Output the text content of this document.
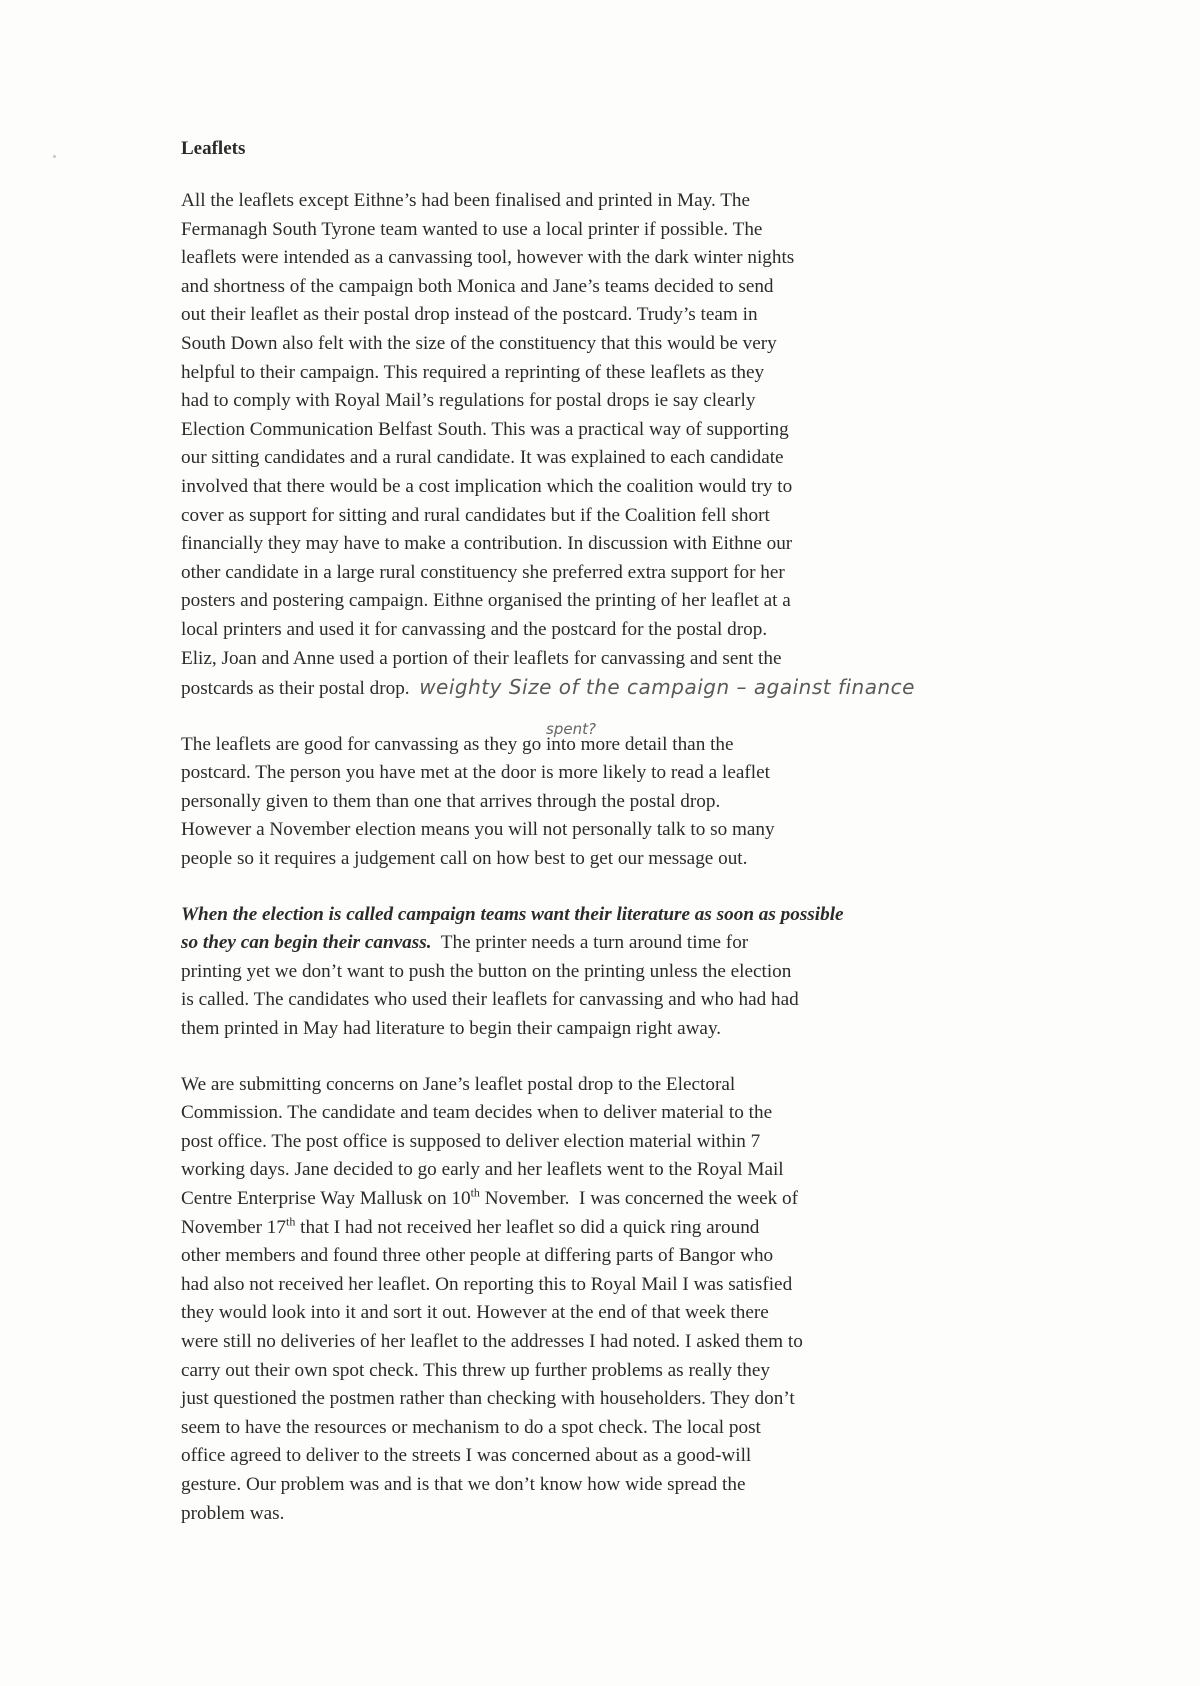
Leaflets
All the leaflets except Eithne’s had been finalised and printed in May. The
Fermanagh South Tyrone team wanted to use a local printer if possible. The
leaflets were intended as a canvassing tool, however with the dark winter nights
and shortness of the campaign both Monica and Jane’s teams decided to send
out their leaflet as their postal drop instead of the postcard. Trudy’s team in
South Down also felt with the size of the constituency that this would be very
helpful to their campaign. This required a reprinting of these leaflets as they
had to comply with Royal Mail’s regulations for postal drops ie say clearly
Election Communication Belfast South. This was a practical way of supporting
our sitting candidates and a rural candidate. It was explained to each candidate
involved that there would be a cost implication which the coalition would try to
cover as support for sitting and rural candidates but if the Coalition fell short
financially they may have to make a contribution. In discussion with Eithne our
other candidate in a large rural constituency she preferred extra support for her
posters and postering campaign. Eithne organised the printing of her leaflet at a
local printers and used it for canvassing and the postcard for the postal drop.
Eliz, Joan and Anne used a portion of their leaflets for canvassing and sent the
postcards as their postal drop. weighty Size of the campaign – against finance
spent?
The leaflets are good for canvassing as they go into more detail than the
postcard. The person you have met at the door is more likely to read a leaflet
personally given to them than one that arrives through the postal drop.
However a November election means you will not personally talk to so many
people so it requires a judgement call on how best to get our message out.
When the election is called campaign teams want their literature as soon as possible
so they can begin their canvass.  The printer needs a turn around time for
printing yet we don’t want to push the button on the printing unless the election
is called. The candidates who used their leaflets for canvassing and who had had
them printed in May had literature to begin their campaign right away.
We are submitting concerns on Jane’s leaflet postal drop to the Electoral
Commission. The candidate and team decides when to deliver material to the
post office. The post office is supposed to deliver election material within 7
working days. Jane decided to go early and her leaflets went to the Royal Mail
Centre Enterprise Way Mallusk on 10th November.  I was concerned the week of
November 17th that I had not received her leaflet so did a quick ring around
other members and found three other people at differing parts of Bangor who
had also not received her leaflet. On reporting this to Royal Mail I was satisfied
they would look into it and sort it out. However at the end of that week there
were still no deliveries of her leaflet to the addresses I had noted. I asked them to
carry out their own spot check. This threw up further problems as really they
just questioned the postmen rather than checking with householders. They don’t
seem to have the resources or mechanism to do a spot check. The local post
office agreed to deliver to the streets I was concerned about as a good-will
gesture. Our problem was and is that we don’t know how wide spread the
problem was.
